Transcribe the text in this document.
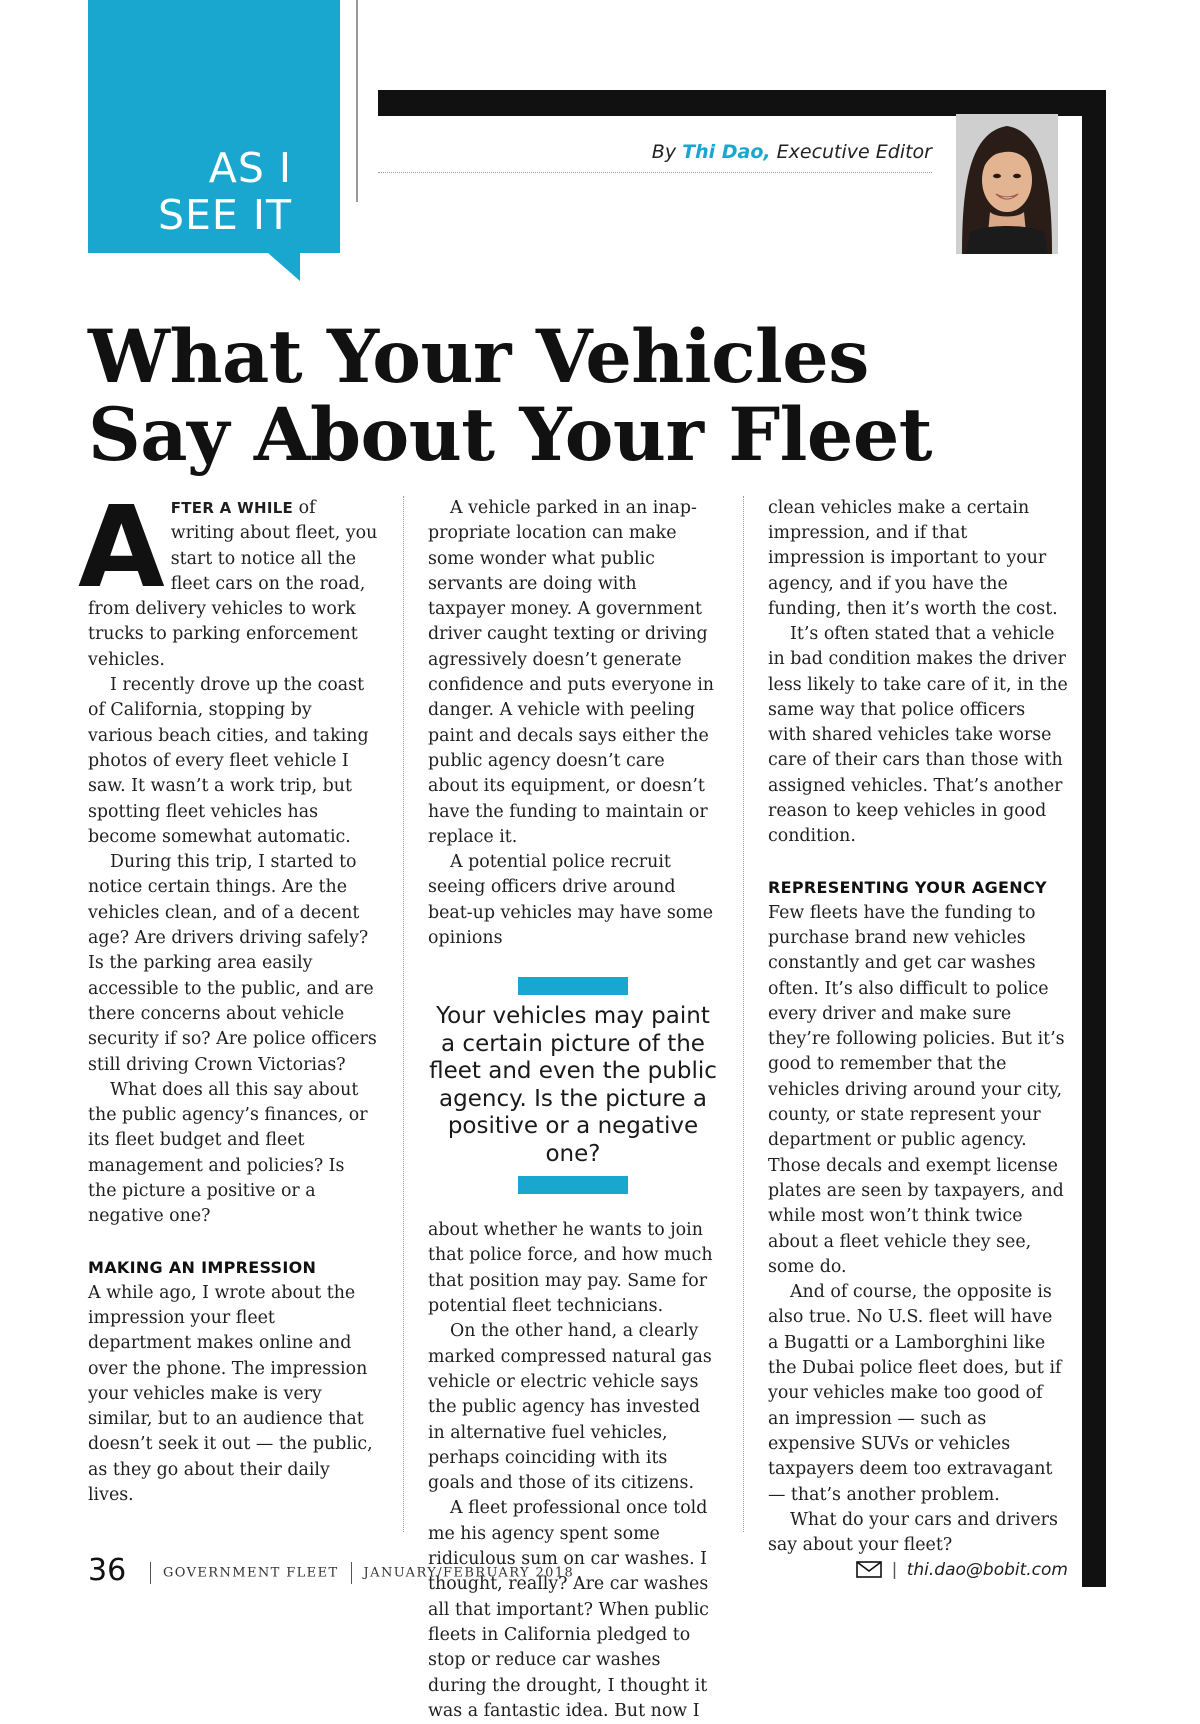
AS I
SEE IT
By Thi Dao, Executive Editor
What Your Vehicles
Say About Your Fleet

AFTER A WHILE of writing about fleet, you start to notice all the fleet cars on the road, from delivery vehicles to work trucks to parking enforcement vehicles.

I recently drove up the coast of California, stopping by various beach cities, and taking photos of every fleet vehicle I saw. It wasn’t a work trip, but spotting fleet vehicles has become somewhat automatic.

During this trip, I started to notice certain things. Are the vehicles clean, and of a decent age? Are drivers driving safely? Is the parking area easily accessible to the public, and are there concerns about vehicle security if so? Are police officers still driving Crown Victorias?

What does all this say about the public agency’s finances, or its fleet budget and fleet management and policies? Is the picture a positive or a negative one?

MAKING AN IMPRESSION

A while ago, I wrote about the impression your fleet department makes online and over the phone. The impression your vehicles make is very similar, but to an audience that doesn’t seek it out — the public, as they go about their daily lives.

A vehicle parked in an inappropriate location can make some wonder what public servants are doing with taxpayer money. A government driver caught texting or driving agressively doesn’t generate confidence and puts everyone in danger. A vehicle with peeling paint and decals says either the public agency doesn’t care about its equipment, or doesn’t have the funding to maintain or replace it.

A potential police recruit seeing officers drive around beat-up vehicles may have some opinions

Your vehicles may paint a certain picture of the fleet and even the public agency. Is the picture a positive or a negative one?

about whether he wants to join that police force, and how much that position may pay. Same for potential fleet technicians.

On the other hand, a clearly marked compressed natural gas vehicle or electric vehicle says the public agency has invested in alternative fuel vehicles, perhaps coinciding with its goals and those of its citizens.

A fleet professional once told me his agency spent some ridiculous sum on car washes. I thought, really? Are car washes all that important? When public fleets in California pledged to stop or reduce car washes during the drought, I thought it was a fantastic idea. But now I

clean vehicles make a certain impression, and if that impression is important to your agency, and if you have the funding, then it’s worth the cost.

It’s often stated that a vehicle in bad condition makes the driver less likely to take care of it, in the same way that police officers with shared vehicles take worse care of their cars than those with assigned vehicles. That’s another reason to keep vehicles in good condition.

REPRESENTING YOUR AGENCY

Few fleets have the funding to purchase brand new vehicles constantly and get car washes often. It’s also difficult to police every driver and make sure they’re following policies. But it’s good to remember that the vehicles driving around your city, county, or state represent your department or public agency. Those decals and exempt license plates are seen by taxpayers, and while most won’t think twice about a fleet vehicle they see, some do.

And of course, the opposite is also true. No U.S. fleet will have a Bugatti or a Lamborghini like the Dubai police fleet does, but if your vehicles make too good of an impression — such as expensive SUVs or vehicles taxpayers deem too extravagant — that’s another problem.

What do your cars and drivers say about your fleet?

| thi.dao@bobit.com
36	GOVERNMENT FLEET JANUARY/FEBRUARY 2018
